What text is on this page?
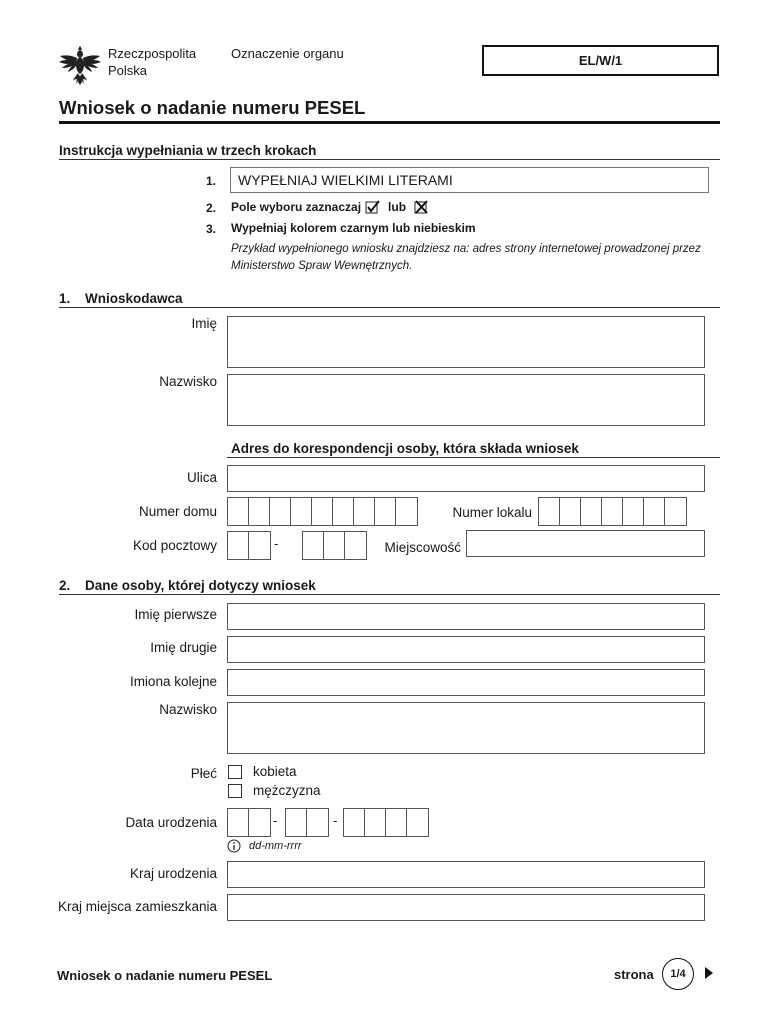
Rzeczpospolita
Polska
Oznaczenie organu	EL/W/1
Wniosek o nadanie numeru PESEL
Instrukcja wypełniania w trzech krokach
1. WYPEŁNIAJ WIELKIMI LITERAMI
2. Pole wyboru zaznaczaj lub
3. Wypełniaj kolorem czarnym lub niebieskim
Przykład wypełnionego wniosku znajdziesz na: adres strony internetowej prowadzonej przez Ministerstwo Spraw Wewnętrznych.
1. Wnioskodawca
Imię
Nazwisko
Adres do korespondencji osoby, która składa wniosek
Ulica
Numer domu	Numer lokalu
Kod pocztowy	-	Miejscowość
2. Dane osoby, której dotyczy wniosek
Imię pierwsze
Imię drugie
Imiona kolejne
Nazwisko
Płeć	kobieta
mężczyzna
Data urodzenia	-	-
dd-mm-rrrr
Kraj urodzenia
Kraj miejsca zamieszkania
Wniosek o nadanie numeru PESEL	strona 1/4
